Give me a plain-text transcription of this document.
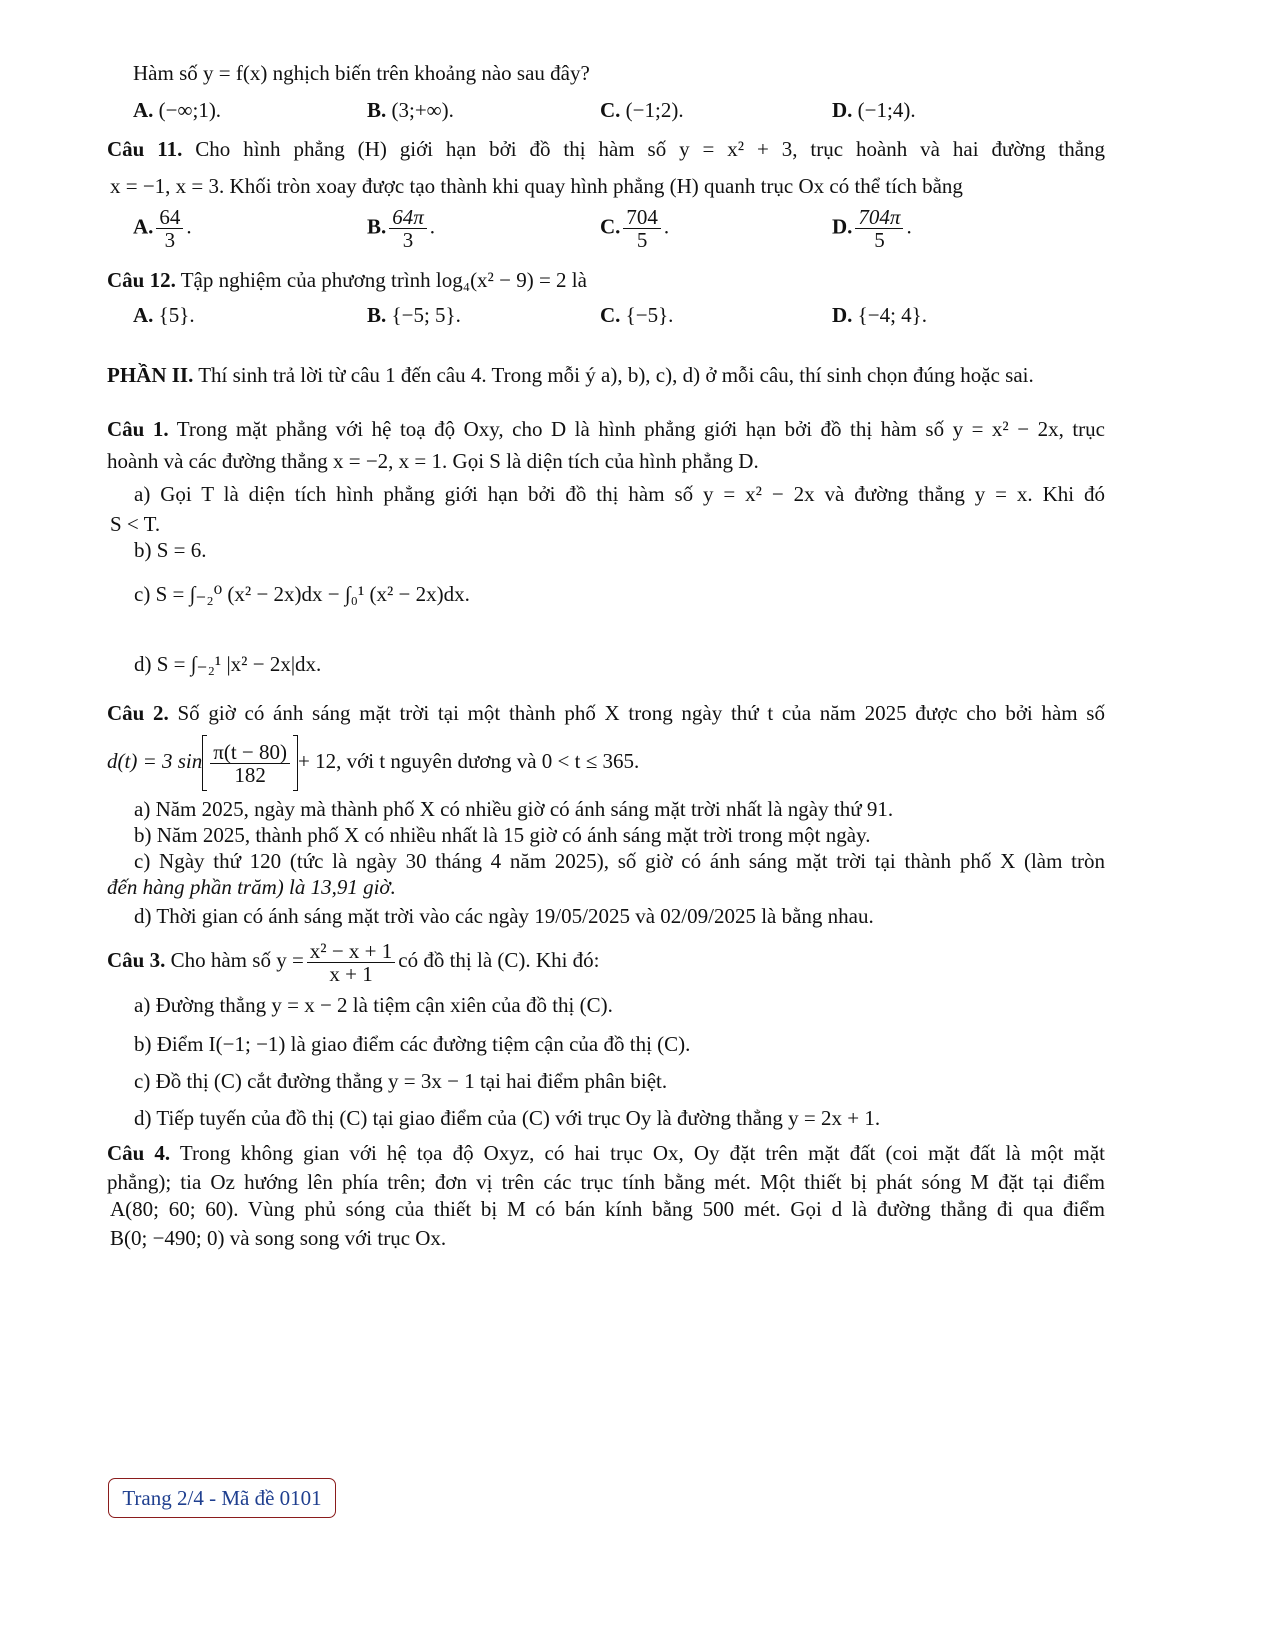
Hàm số y = f(x) nghịch biến trên khoảng nào sau đây?
A. (−∞;1).	B. (3;+∞).	C. (−1;2).	D. (−1;4).
Câu 11. Cho hình phẳng (H) giới hạn bởi đồ thị hàm số y = x² + 3, trục hoành và hai đường thẳng
x = −1, x = 3. Khối tròn xoay được tạo thành khi quay hình phẳng (H) quanh trục Ox có thể tích bằng
A. $\frac{64}{3}$ .	B. $\frac{64\pi}{3}$ .	C. $\frac{704}{5}$ .	D. $\frac{704\pi}{5}$ .
Câu 12. Tập nghiệm của phương trình log₄(x² − 9) = 2 là
A. {5}.	B. {−5; 5}.	C. {−5}.	D. {−4; 4}.
PHẦN II. Thí sinh trả lời từ câu 1 đến câu 4. Trong mỗi ý a), b), c), d) ở mỗi câu, thí sinh chọn đúng hoặc sai.
Câu 1. Trong mặt phẳng với hệ toạ độ Oxy, cho D là hình phẳng giới hạn bởi đồ thị hàm số y = x² − 2x, trục
hoành và các đường thẳng x = −2, x = 1. Gọi S là diện tích của hình phẳng D.
a) Gọi T là diện tích hình phẳng giới hạn bởi đồ thị hàm số y = x² − 2x và đường thẳng y = x. Khi đó
S < T.
b) S = 6.
c) S = ∫₋₂⁰ (x² − 2x)dx − ∫₀¹ (x² − 2x)dx.
d) S = ∫₋₂¹ |x² − 2x|dx.
Câu 2. Số giờ có ánh sáng mặt trời tại một thành phố X trong ngày thứ t của năm 2025 được cho bởi hàm số
d(t) = 3 $\sin \frac{\pi(t - 80)}{182} + 12$, với t nguyên dương và 0 < t ≤ 365.
a) Năm 2025, ngày mà thành phố X có nhiều giờ có ánh sáng mặt trời nhất là ngày thứ 91.
b) Năm 2025, thành phố X có nhiều nhất là 15 giờ có ánh sáng mặt trời trong một ngày.
c) Ngày thứ 120 (tức là ngày 30 tháng 4 năm 2025), số giờ có ánh sáng mặt trời tại thành phố X (làm tròn
đến hàng phần trăm) là 13,91 giờ.
d) Thời gian có ánh sáng mặt trời vào các ngày 19/05/2025 và 02/09/2025 là bằng nhau.
Câu 3. Cho hàm số $y = \frac{\text{x² − x + 1}}{x + 1}$ có đồ thị là (C). Khi đó:
a) Đường thẳng y = x − 2 là tiệm cận xiên của đồ thị (C).
b) Điểm I(−1; −1) là giao điểm các đường tiệm cận của đồ thị (C).
c) Đồ thị (C) cắt đường thẳng y = 3x − 1 tại hai điểm phân biệt.
d) Tiếp tuyến của đồ thị (C) tại giao điểm của (C) với trục Oy là đường thẳng y = 2x + 1.
Câu 4. Trong không gian với hệ tọa độ Oxyz, có hai trục Ox, Oy đặt trên mặt đất (coi mặt đất là một mặt
phẳng); tia Oz hướng lên phía trên; đơn vị trên các trục tính bằng mét. Một thiết bị phát sóng M đặt tại điểm
A(80; 60; 60). Vùng phủ sóng của thiết bị M có bán kính bằng 500 mét. Gọi d là đường thẳng đi qua điểm
B(0; −490; 0) và song song với trục Ox.
Trang 2/4 - Mã đề 0101
